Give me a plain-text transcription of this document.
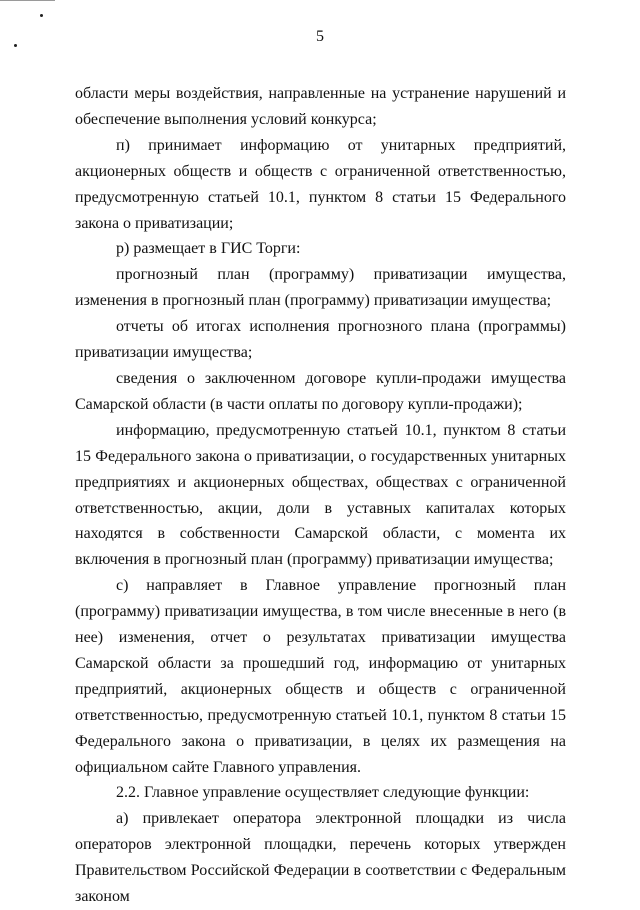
5

области меры воздействия, направленные на устранение нарушений и обеспечение выполнения условий конкурса;

п) принимает информацию от унитарных предприятий, акционерных обществ и обществ с ограниченной ответственностью, предусмотренную статьей 10.1, пунктом 8 статьи 15 Федерального закона о приватизации;

р) размещает в ГИС Торги:

прогнозный план (программу) приватизации имущества, изменения в прогнозный план (программу) приватизации имущества;

отчеты об итогах исполнения прогнозного плана (программы) приватизации имущества;

сведения о заключенном договоре купли-продажи имущества Самарской области (в части оплаты по договору купли-продажи);

информацию, предусмотренную статьей 10.1, пунктом 8 статьи 15 Федерального закона о приватизации, о государственных унитарных предприятиях и акционерных обществах, обществах с ограниченной ответственностью, акции, доли в уставных капиталах которых находятся в собственности Самарской области, с момента их включения в прогнозный план (программу) приватизации имущества;

с) направляет в Главное управление прогнозный план (программу) приватизации имущества, в том числе внесенные в него (в нее) изменения, отчет о результатах приватизации имущества Самарской области за прошедший год, информацию от унитарных предприятий, акционерных обществ и обществ с ограниченной ответственностью, предусмотренную статьей 10.1, пунктом 8 статьи 15 Федерального закона о приватизации, в целях их размещения на официальном сайте Главного управления.

2.2. Главное управление осуществляет следующие функции:

а) привлекает оператора электронной площадки из числа операторов электронной площадки, перечень которых утвержден Правительством Российской Федерации в соответствии с Федеральным законом
